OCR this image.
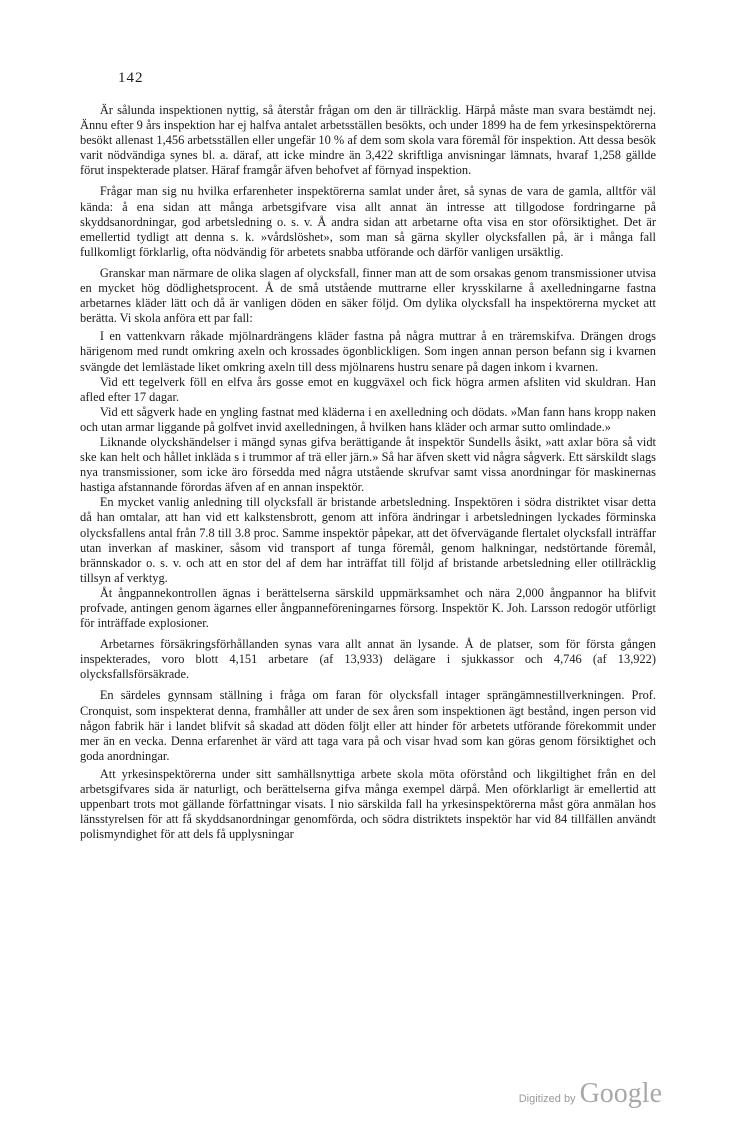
142

Är sålunda inspektionen nyttig, så återstår frågan om den är tillräcklig. Härpå måste man svara bestämdt nej. Ännu efter 9 års inspektion har ej halfva antalet arbetsställen besökts, och under 1899 ha de fem yrkesinspektörerna besökt allenast 1,456 arbetsställen eller ungefär 10 % af dem som skola vara föremål för inspektion. Att dessa besök varit nödvändiga synes bl. a. däraf, att icke mindre än 3,422 skriftliga anvisningar lämnats, hvaraf 1,258 gällde förut inspekterade platser. Häraf framgår äfven behofvet af förnyad inspektion.

Frågar man sig nu hvilka erfarenheter inspektörerna samlat under året, så synas de vara de gamla, alltför väl kända: å ena sidan att många arbetsgifvare visa allt annat än intresse att tillgodose fordringarne på skyddsanordningar, god arbetsledning o. s. v. Å andra sidan att arbetarne ofta visa en stor oförsiktighet. Det är emellertid tydligt att denna s. k. »vårdslöshet», som man så gärna skyller olycksfallen på, är i många fall fullkomligt förklarlig, ofta nödvändig för arbetets snabba utförande och därför vanligen ursäktlig.

Granskar man närmare de olika slagen af olycksfall, finner man att de som orsakas genom transmissioner utvisa en mycket hög dödlighetsprocent. Å de små utstående muttrarne eller krysskilarne å axelledningarne fastna arbetarnes kläder lätt och då är vanligen döden en säker följd. Om dylika olycksfall ha inspektörerna mycket att berätta. Vi skola anföra ett par fall:

I en vattenkvarn råkade mjölnardrängens kläder fastna på några muttrar å en träremskifva. Drängen drogs härigenom med rundt omkring axeln och krossades ögonblickligen. Som ingen annan person befann sig i kvarnen svängde det lemlästade liket omkring axeln till dess mjölnarens hustru senare på dagen inkom i kvarnen.

Vid ett tegelverk föll en elfva års gosse emot en kuggväxel och fick högra armen afsliten vid skuldran. Han afled efter 17 dagar.

Vid ett sågverk hade en yngling fastnat med kläderna i en axelledning och dödats. »Man fann hans kropp naken och utan armar liggande på golfvet invid axelledningen, å hvilken hans kläder och armar sutto omlindade.»

Liknande olyckshändelser i mängd synas gifva berättigande åt inspektör Sundells åsikt, »att axlar böra så vidt ske kan helt och hållet inkläda s i trummor af trä eller järn.» Så har äfven skett vid några sågverk. Ett särskildt slags nya transmissioner, som icke äro försedda med några utstående skrufvar samt vissa anordningar för maskinernas hastiga afstannande förordas äfven af en annan inspektör.

En mycket vanlig anledning till olycksfall är bristande arbetsledning. Inspektören i södra distriktet visar detta då han omtalar, att han vid ett kalkstensbrott, genom att införa ändringar i arbetsledningen lyckades förminska olycksfallens antal från 7.8 till 3.8 proc. Samme inspektör påpekar, att det öfvervägande flertalet olycksfall inträffar utan inverkan af maskiner, såsom vid transport af tunga föremål, genom halkningar, nedstörtande föremål, brännskador o. s. v. och att en stor del af dem har inträffat till följd af bristande arbetsledning eller otillräcklig tillsyn af verktyg.

Åt ångpannekontrollen ägnas i berättelserna särskild uppmärksamhet och nära 2,000 ångpannor ha blifvit profvade, antingen genom ägarnes eller ångpanneföreningarnes försorg. Inspektör K. Joh. Larsson redogör utförligt för inträffade explosioner.

Arbetarnes försäkringsförhållanden synas vara allt annat än lysande. Å de platser, som för första gången inspekterades, voro blott 4,151 arbetare (af 13,933) delägare i sjukkassor och 4,746 (af 13,922) olycksfallsförsäkrade.

En särdeles gynnsam ställning i fråga om faran för olycksfall intager sprängämnestillverkningen. Prof. Cronquist, som inspekterat denna, framhåller att under de sex åren som inspektionen ägt bestånd, ingen person vid någon fabrik här i landet blifvit så skadad att döden följt eller att hinder för arbetets utförande förekommit under mer än en vecka. Denna erfarenhet är värd att taga vara på och visar hvad som kan göras genom försiktighet och goda anordningar.

Att yrkesinspektörerna under sitt samhällsnyttiga arbete skola möta oförstånd och likgiltighet från en del arbetsgifvares sida är naturligt, och berättelserna gifva många exempel därpå. Men oförklarligt är emellertid att uppenbart trots mot gällande författningar visats. I nio särskilda fall ha yrkesinspektörerna måst göra anmälan hos länsstyrelsen för att få skyddsanordningar genomförda, och södra distriktets inspektör har vid 84 tillfällen användt polismyndighet för att dels få upplysningar

Digitized by Google
